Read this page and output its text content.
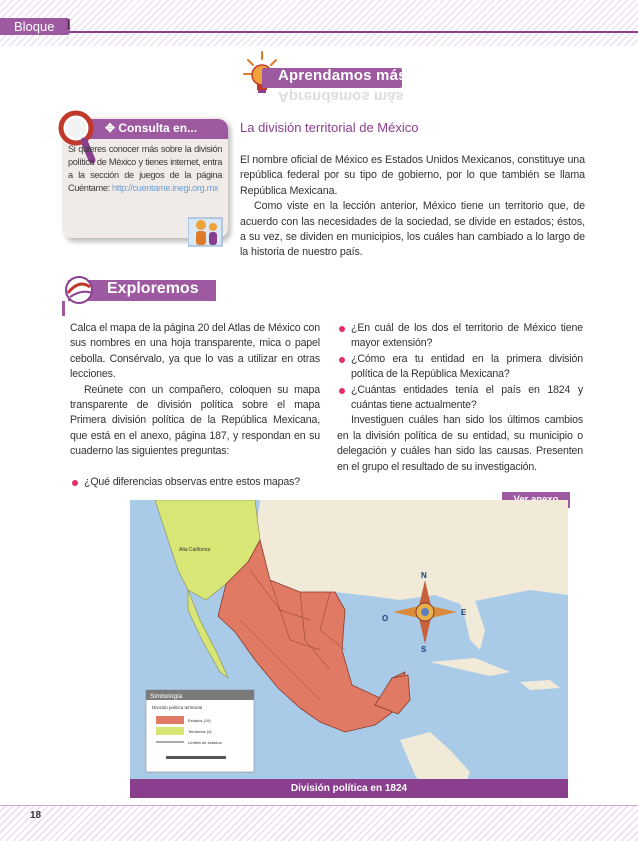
Bloque I
Aprendamos más
Aprendamos más
✥ Consulta en...
Si quieres conocer más sobre la división política de México y tienes internet, entra a la sección de juegos de la página Cuéntame: http://cuentame.inegi.org.mx
La división territorial de México

El nombre oficial de México es Estados Unidos Mexicanos, constituye una república federal por su tipo de gobierno, por lo que también se llama República Mexicana.

Como viste en la lección anterior, México tiene un territorio que, de acuerdo con las necesidades de la sociedad, se divide en estados; éstos, a su vez, se dividen en municipios, los cuáles han cambiado a lo largo de la historia de nuestro país.

Exploremos

Calca el mapa de la página 20 del Atlas de México con sus nombres en una hoja transparente, mica o papel cebolla. Consérvalo, ya que lo vas a utilizar en otras lecciones.

Reúnete con un compañero, coloquen su mapa transparente de división política sobre el mapa Primera división política de la República Mexicana, que está en el anexo, página 187, y respondan en su cuaderno las siguientes preguntas:

¿Qué diferencias observas entre estos mapas?
¿En cuál de los dos el territorio de México tiene mayor extensión?
¿Cómo era tu entidad en la primera división política de la República Mexicana?
¿Cuántas entidades tenía el país en 1824 y cuántas tiene actualmente?

Investiguen cuáles han sido los últimos cambios en la división política de su entidad, su municipio o delegación y cuáles han sido las causas. Presenten en el grupo el resultado de su investigación.

N
E
S
O
Alta California
Simbología
División política territorial
Estados (19)
Territorios (4)
Límites de estados
División política en 1824
18
